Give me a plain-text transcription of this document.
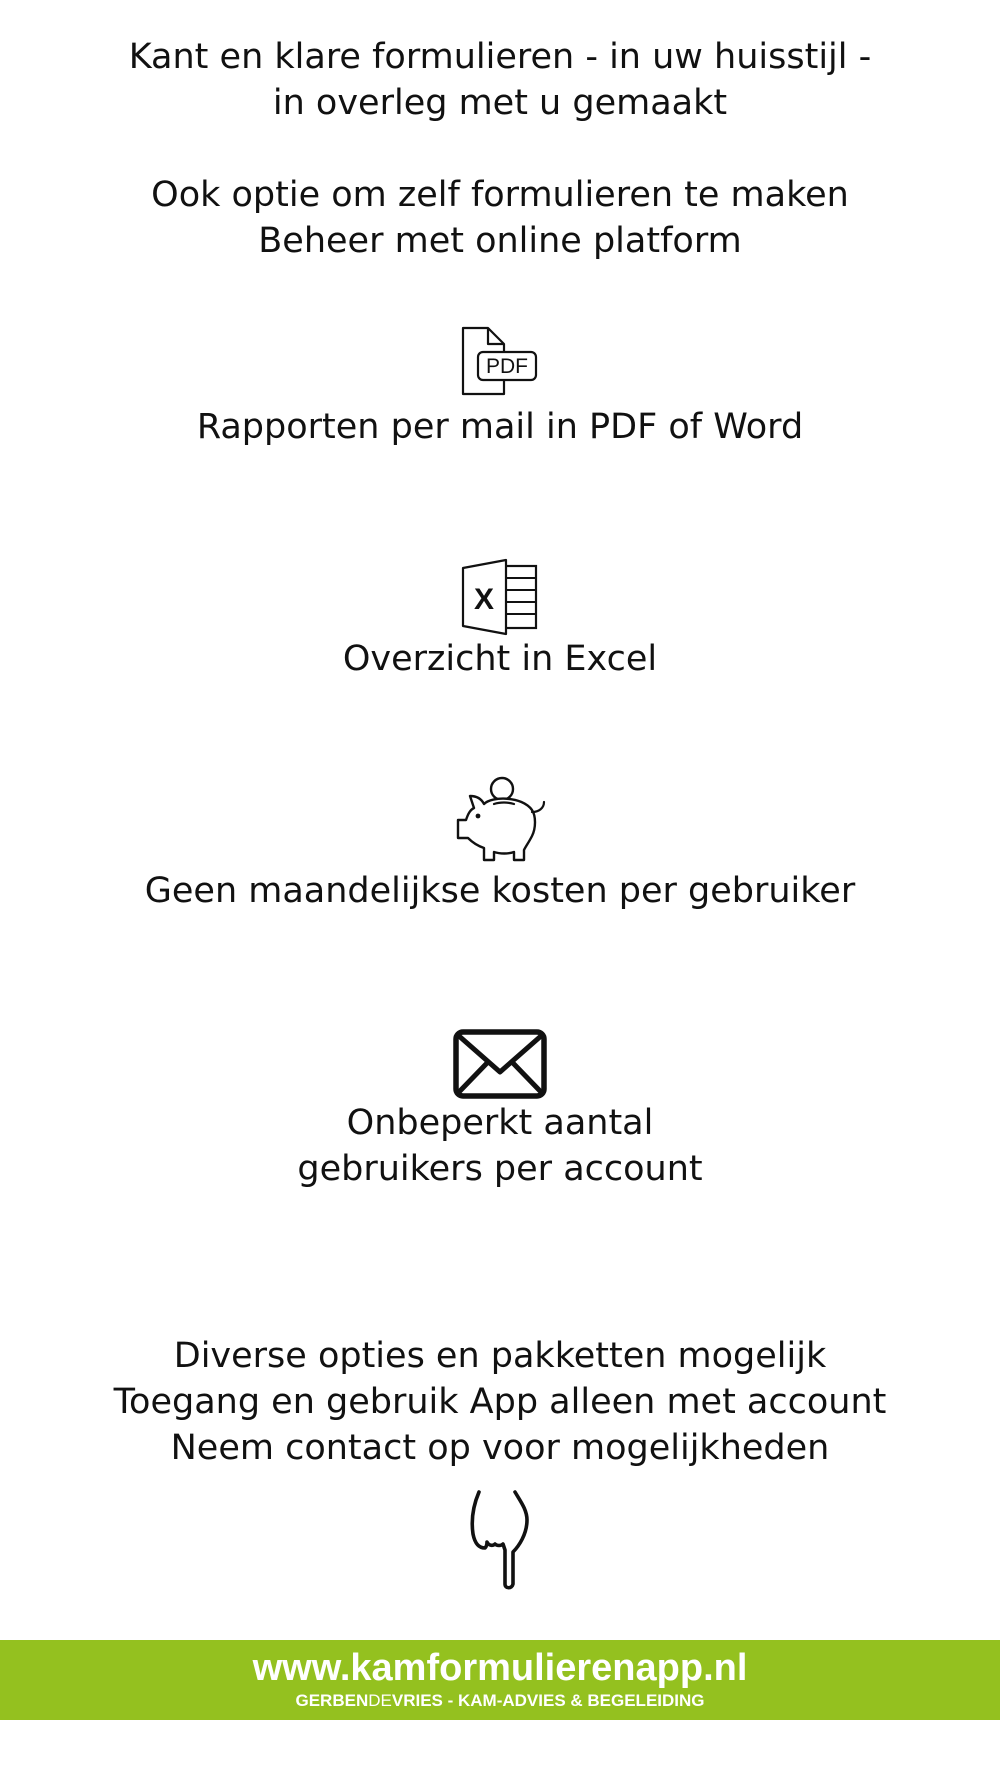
Kant en klare formulieren - in uw huisstijl -
in overleg met u gemaakt
Ook optie om zelf formulieren te maken
Beheer met online platform
PDF
Rapporten per mail in PDF of Word
X
Overzicht in Excel
Geen maandelijkse kosten per gebruiker
Onbeperkt aantal
gebruikers per account
Diverse opties en pakketten mogelijk
Toegang en gebruik App alleen met account
Neem contact op voor mogelijkheden
www.kamformulierenapp.nl
GERBENDEVRIES - KAM-ADVIES & BEGELEIDING
